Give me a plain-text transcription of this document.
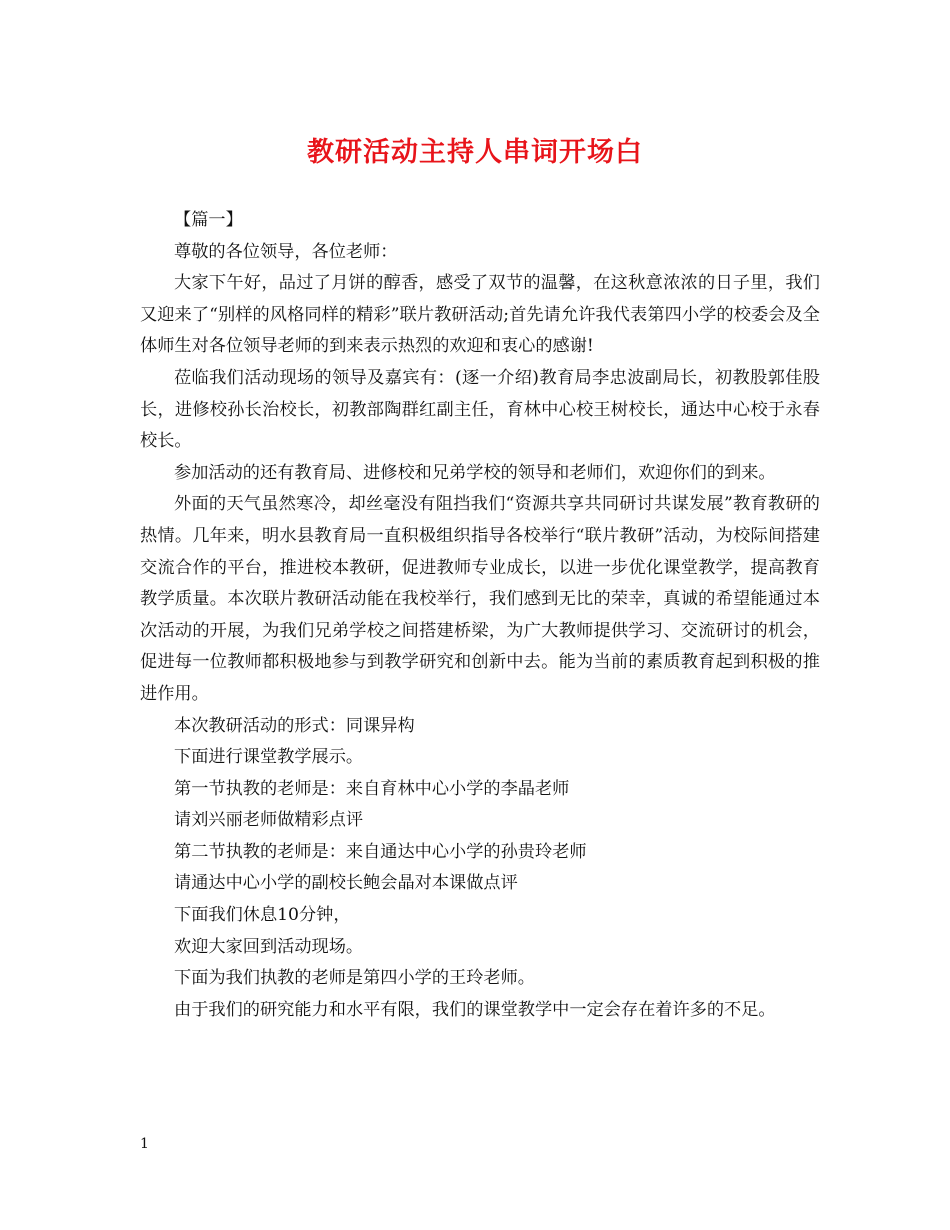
教研活动主持人串词开场白

【篇一】

尊敬的各位领导，各位老师：

大家下午好，品过了月饼的醇香，感受了双节的温馨，在这秋意浓浓的日子里，我们又迎来了“别样的风格同样的精彩”联片教研活动;首先请允许我代表第四小学的校委会及全体师生对各位领导老师的到来表示热烈的欢迎和衷心的感谢!

莅临我们活动现场的领导及嘉宾有：(逐一介绍)教育局李忠波副局长，初教股郭佳股长，进修校孙长治校长，初教部陶群红副主任，育林中心校王树校长，通达中心校于永春校长。

参加活动的还有教育局、进修校和兄弟学校的领导和老师们，欢迎你们的到来。

外面的天气虽然寒冷，却丝毫没有阻挡我们“资源共享共同研讨共谋发展”教育教研的热情。几年来，明水县教育局一直积极组织指导各校举行“联片教研”活动，为校际间搭建交流合作的平台，推进校本教研，促进教师专业成长，以进一步优化课堂教学，提高教育教学质量。本次联片教研活动能在我校举行，我们感到无比的荣幸，真诚的希望能通过本次活动的开展，为我们兄弟学校之间搭建桥梁，为广大教师提供学习、交流研讨的机会，促进每一位教师都积极地参与到教学研究和创新中去。能为当前的素质教育起到积极的推进作用。

本次教研活动的形式：同课异构

下面进行课堂教学展示。

第一节执教的老师是：来自育林中心小学的李晶老师

请刘兴丽老师做精彩点评

第二节执教的老师是：来自通达中心小学的孙贵玲老师

请通达中心小学的副校长鲍会晶对本课做点评

下面我们休息10分钟，

欢迎大家回到活动现场。

下面为我们执教的老师是第四小学的王玲老师。

由于我们的研究能力和水平有限，我们的课堂教学中一定会存在着许多的不足。

1
